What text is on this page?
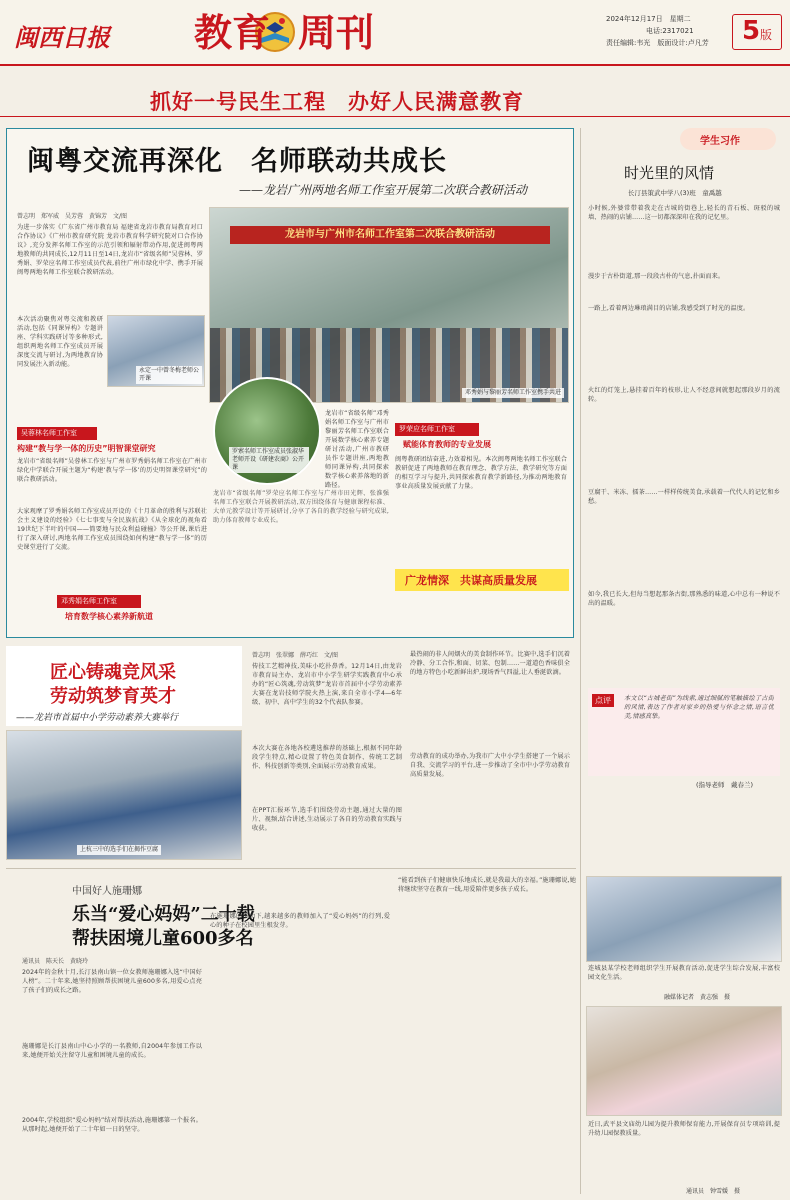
闽西日报 教育 周刊	2024年12月17日　星期二
电话:2317021
责任编辑:韦光　版面设计:卢凡芳	5版
抓好一号民生工程　办好人民满意教育
闽粤交流再深化　名师联动共成长
——龙岩广州两地名师工作室开展第二次联合教研活动
曾志明　郑军威　吴芳蓉　黄锦芳　文/图
龙岩市与广州市名师工作室第二次联合教研活动
邓秀娟与黎丽芳名师工作室携手共进
为进一步落实《广东省广州市教育局 福建省龙岩市教育局教育对口合作协议》《广州市教育研究院 龙岩市教育科学研究院对口合作协议》,充分发挥名师工作室的示范引领和辐射带动作用,促进闽粤两地教师的共同成长,12月11日至14日,龙岩市“省级名师”吴蓉林、罗秀娟、罗荣应名师工作室成员代表,前往广州市绿化中学、携手开展闽粤两地名师工作室联合教研活动。
永定一中曾冬梅老师公开课
本次活动聚焦对粤交流和教研活动,包括《同课异构》专题讲座、学科实践研讨等多种形式,组织两地名师工作室成员开展深度交流与研讨,为两地教育协同发展注入新动能。
吴蓉林名师工作室
构建“教与学一体的历史”明智课堂研究
龙岩市“省级名师”吴蓉林工作室与广州市罗秀娟名师工作室在广州市绿化中学联合开展主题为“构建‘教与学一体’的历史明智课堂研究”的联合教研活动。
大家观摩了罗秀娟名师工作室成员开设的《十月革命的胜利与苏联社会主义建设的经验》《七七事变与全民族抗战》《从全球化的视角看19世纪下半叶的中国——简要地与民众利益碰撞》等公开课,课后进行了深入研讨,两地名师工作室成员围绕如何构建“教与学一体”的历史课堂进行了交流。
邓秀娟名师工作室
培育数学核心素养新航道
罗萦名师工作室成员张淑华老师开设《研建农商》公开课
龙岩市“省级名师”邓秀娟名师工作室与广州市黎丽芳名师工作室联合开展数学核心素养专题研讨活动,广州市教研员作专题讲座,两地教师同课异构,共同探索数学核心素养落地的新路径。
龙岩市“省级名师”罗荣应名师工作室与广州市田光辉、张淮强名师工作室联合开展教研活动,双方围绕体育与健康课程标准、大单元教学设计等开展研讨,分享了各自的教学经验与研究成果,助力体育教师专业成长。
罗荣应名师工作室
赋能体育教师的专业发展
闽粤教研团结奋进,力效着相见。本次闽粤两地名师工作室联合教研促进了两地教师在教育理念、教学方法、教学研究等方面的相互学习与提升,共同探索教育教学新路径,为推动两地教育事业高质量发展贡献了力量。
广龙情深　共谋高质量发展
匠心铸魂竞风采
劳动筑梦育英才
——龙岩市首届中小学劳动素养大赛举行
上杭三中的选手们在揭作豆腐
曾志明　张翠娜　薛巧红　文/图
传技工艺精神技,美味小吃扑鼻香。12月14日,由龙岩市教育局主办、龙岩市中小学生研学实践教育中心承办的“匠心筑魂,劳动筑梦”龙岩市首届中小学劳动素养大赛在龙岩技师学院火热上演,来自全市小学4—6年级、初中、高中学生的32个代表队参赛。
本次大赛在各地各校遴选推荐的基础上,根据不同年龄段学生特点,精心设置了特色美食制作、传统工艺制作、科技创新等类别,全面展示劳动教育成果。
在PPT汇报环节,选手们围绕劳动主题,通过大量的图片、视频,结合讲述,生动展示了各自的劳动教育实践与收获。
最热闹的非人间烟火的美食制作环节。比赛中,选手们沉着冷静、分工合作,和面、切菜、包制……一道道色香味俱全的地方特色小吃新鲜出炉,现场香气四溢,让人垂涎欲滴。
劳动教育的成功举办,为我市广大中小学生搭建了一个展示自我、交流学习的平台,进一步推动了全市中小学劳动教育高质量发展。
中国好人施珊娜
乐当“爱心妈妈”二十载
帮扶困境儿童600多名
通讯员　陈天长　黄晓玲
2024年的金秋十月,长汀县南山镇一位女教师施珊娜入选“中国好人榜”。二十年来,她坚持照顾帮扶困境儿童600多名,用爱心点亮了孩子们的成长之路。
施珊娜是长汀县南山中心小学的一名教师,自2004年参加工作以来,她便开始关注留守儿童和困境儿童的成长。
2004年,学校组织“爱心妈妈”结对帮扶活动,施珊娜第一个报名。从那时起,她便开始了二十年如一日的坚守。
在施珊娜的带动下,越来越多的教师加入了“爱心妈妈”的行列,爱心的种子在校园里生根发芽。
“能看到孩子们健康快乐地成长,就是我最大的幸福。”施珊娜说,她将继续坚守在教育一线,用爱陪伴更多孩子成长。
学生习作
时光里的风情
长汀县策武中学八(3)班　童禹越
小时候,外婆常带着我走在古城的街巷上,轻长的青石板、斑驳的城墙、热闹的店铺……这一切都深深印在我的记忆里。
漫步于古朴街道,那一段段古朴的气息,扑面而来。
一路上,看着两边琳琅满目的店铺,我感受到了时光的温度。
火红的灯笼上,悬挂着百年的枝形,让人不经意间就想起那段岁月的流转。
豆腐干、米冻、擂茶……一样样传统美食,承载着一代代人的记忆和乡愁。
如今,我已长大,但每当想起那条古街,那熟悉的味道,心中总有一种说不出的温暖。
点评	本文以“古城老街”为线索,通过细腻的笔触描绘了古街的风情,表达了作者对家乡的热爱与怀念之情,语言优美,情感真挚。
(指导老师　戴春兰)
连城县某学校老师组织学生开展教育活动,促进学生综合发展,丰富校园文化生活。
融媒体记者　黄志强　摄
近日,武平县文庙幼儿园为提升教师保育能力,开展保育员专项培训,提升幼儿园保教质量。
通讯员　钟雪媛　摄
